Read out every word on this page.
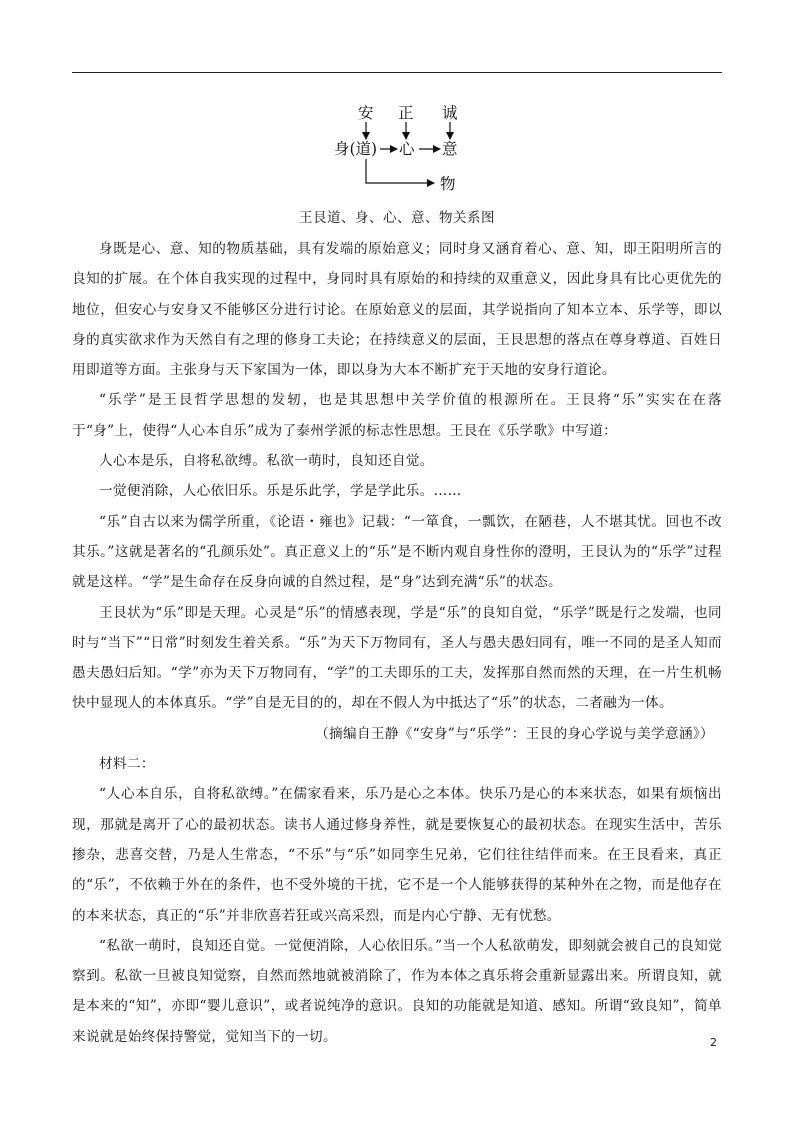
安 正 诚
身(道) 心 意
物
王艮道、身、心、意、物关系图

身既是心、意、知的物质基础，具有发端的原始意义；同时身又涵育着心、意、知，即王阳明所言的良知的扩展。在个体自我实现的过程中，身同时具有原始的和持续的双重意义，因此身具有比心更优先的地位，但安心与安身又不能够区分进行讨论。在原始意义的层面，其学说指向了知本立本、乐学等，即以身的真实欲求作为天然自有之理的修身工夫论；在持续意义的层面，王艮思想的落点在尊身尊道、百姓日用即道等方面。主张身与天下家国为一体，即以身为大本不断扩充于天地的安身行道论。

“乐学”是王艮哲学思想的发轫，也是其思想中关学价值的根源所在。王艮将“乐”实实在在落于“身”上，使得“人心本自乐”成为了泰州学派的标志性思想。王艮在《乐学歌》中写道：

人心本是乐，自将私欲缚。私欲一萌时，良知还自觉。

一觉便消除，人心依旧乐。乐是乐此学，学是学此乐。……

“乐”自古以来为儒学所重，《论语・雍也》记载：“一箪食，一瓢饮，在陋巷，人不堪其忧。回也不改其乐。”这就是著名的“孔颜乐处”。真正意义上的“乐”是不断内观自身性你的澄明，王艮认为的“乐学”过程就是这样。“学”是生命存在反身向诚的自然过程，是“身”达到充满“乐”的状态。

王艮状为“乐”即是天理。心灵是“乐”的情感表现，学是“乐”的良知自觉，“乐学”既是行之发端，也同时与“当下”“日常”时刻发生着关系。“乐”为天下万物同有，圣人与愚夫愚妇同有，唯一不同的是圣人知而愚夫愚妇后知。“学”亦为天下万物同有，“学”的工夫即乐的工夫，发挥那自然而然的天理，在一片生机畅快中显现人的本体真乐。“学”自是无目的的，却在不假人为中抵达了“乐”的状态，二者融为一体。

（摘编自王静《“安身”与“乐学”：王艮的身心学说与美学意涵》）

材料二：

“人心本自乐，自将私欲缚。”在儒家看来，乐乃是心之本体。快乐乃是心的本来状态，如果有烦恼出现，那就是离开了心的最初状态。读书人通过修身养性，就是要恢复心的最初状态。在现实生活中，苦乐掺杂，悲喜交替，乃是人生常态，“不乐”与“乐”如同孪生兄弟，它们往往结伴而来。在王艮看来，真正的“乐”，不依赖于外在的条件，也不受外境的干扰，它不是一个人能够获得的某种外在之物，而是他存在的本来状态，真正的“乐”并非欣喜若狂或兴高采烈，而是内心宁静、无有忧愁。

“私欲一萌时，良知还自觉。一觉便消除，人心依旧乐。”当一个人私欲萌发，即刻就会被自己的良知觉察到。私欲一旦被良知觉察，自然而然地就被消除了，作为本体之真乐将会重新显露出来。所谓良知，就是本来的“知”，亦即“婴儿意识”，或者说纯净的意识。良知的功能就是知道、感知。所谓“致良知”，简单来说就是始终保持警觉，觉知当下的一切。	2
